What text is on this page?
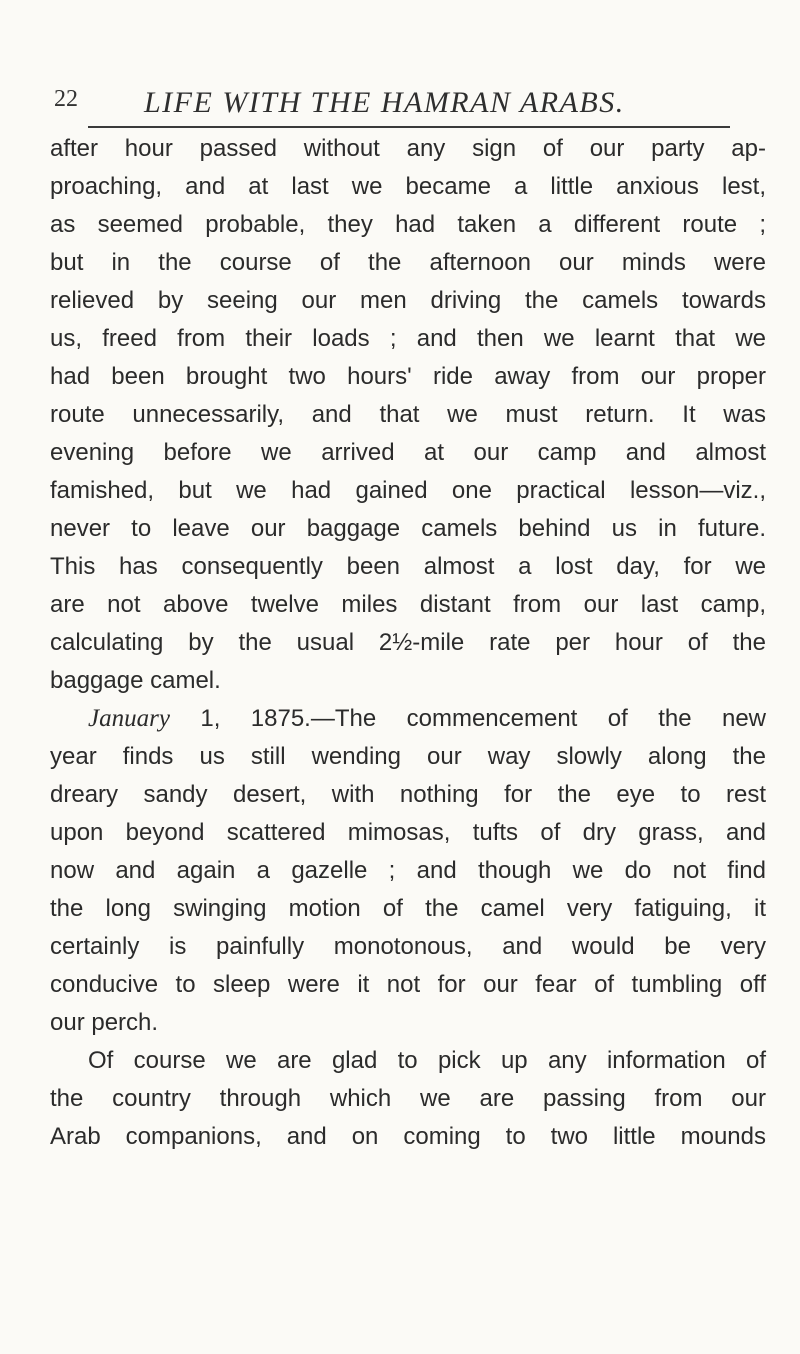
22 LIFE WITH THE HAMRAN ARABS.
after hour passed without any sign of our party ap-
proaching, and at last we became a little anxious lest,
as seemed probable, they had taken a different route ;
but in the course of the afternoon our minds were
relieved by seeing our men driving the camels towards
us, freed from their loads ; and then we learnt that we
had been brought two hours' ride away from our proper
route unnecessarily, and that we must return. It was
evening before we arrived at our camp and almost
famished, but we had gained one practical lesson—viz.,
never to leave our baggage camels behind us in future.
This has consequently been almost a lost day, for we
are not above twelve miles distant from our last camp,
calculating by the usual 2½-mile rate per hour of the
baggage camel.
January 1, 1875.—The commencement of the new
year finds us still wending our way slowly along the
dreary sandy desert, with nothing for the eye to rest
upon beyond scattered mimosas, tufts of dry grass, and
now and again a gazelle ; and though we do not find
the long swinging motion of the camel very fatiguing, it
certainly is painfully monotonous, and would be very
conducive to sleep were it not for our fear of tumbling off
our perch.
Of course we are glad to pick up any information of
the country through which we are passing from our
Arab companions, and on coming to two little mounds
